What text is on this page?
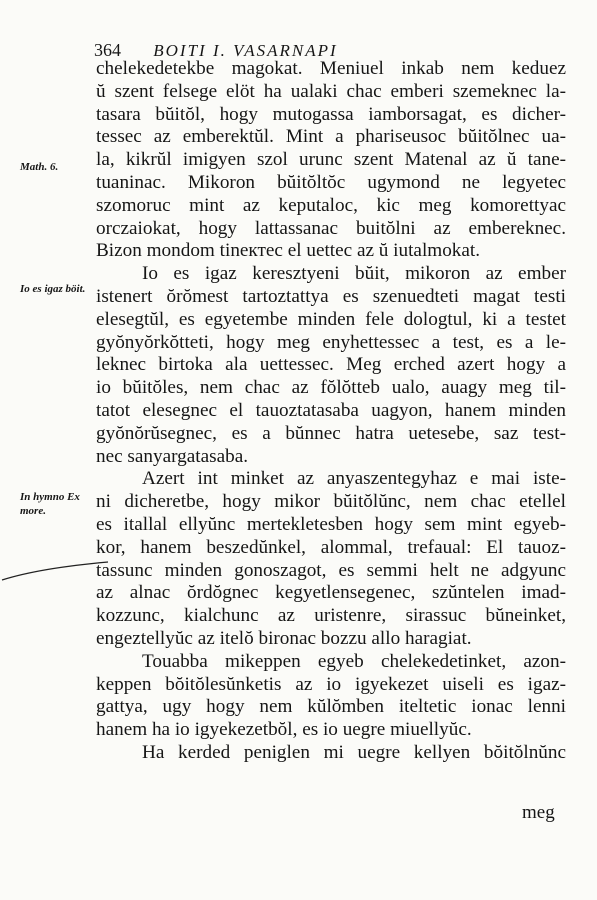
364 BOITI I. VASARNAPI
Math. 6.
Io es igaz böit.
In hymno Ex more.
chelekedetekbe magokat. Meniuel inkab nem keduez
ŭ szent felsege elöt ha ualaki chac emberi szemeknec la-
tasara bŭitŏl, hogy mutogassa iamborsagat, es dicher-
tessec az emberektŭl. Mint a phariseusoc bŭitŏlnec ua-
la, kikrŭl imigyen szol urunc szent Matenal az ŭ tane-
tuaninac. Mikoron bŭitŏltŏc ugymond ne legyetec
szomoruc mint az keputaloc, kic meg komorettyac
orczaiokat, hogy lattassanac buitŏlni az embereknec.
Bizon mondom tineктec el uettec az ŭ iutalmokat.
Io es igaz keresztyeni bŭit, mikoron az ember
istenert ŏrŏmest tartoztattya es szenuedteti magat testi
elesegtŭl, es egyetembe minden fele dologtul, ki a testet
gyŏnyŏrkŏtteti, hogy meg enyhettessec a test, es a le-
leknec birtoka ala uettessec. Meg erched azert hogy a
io bŭitŏles, nem chac az fŏlŏtteb ualo, auagy meg til-
tatot elesegnec el tauoztatasaba uagyon, hanem minden
gyŏnŏrŭsegnec, es a bŭnnec hatra uetesebe, saz test-
nec sanyargatasaba.
Azert int minket az anyaszentegyhaz e mai iste-
ni dicheretbe, hogy mikor bŭitŏlŭnc, nem chac etellel
es itallal ellyŭnc mertekletesben hogy sem mint egyeb-
kor, hanem beszedŭnkel, alommal, trefaual: El tauoz-
tassunc minden gonoszagot, es semmi helt ne adgyunc
az alnac ŏrdŏgnec kegyetlensegenec, szŭntelen imad-
kozzunc, kialchunc az uristenre, sirassuc bŭneinket,
engeztellyŭc az itelŏ bironac bozzu allo haragiat.
Touabba mikeppen egyeb chelekedetinket, azon-
keppen bŏitŏlesŭnketis az io igyekezet uiseli es igaz-
gattya, ugy hogy nem kŭlŏmben iteltetic ionac lenni
hanem ha io igyekezetbŏl, es io uegre miuellyŭc.
Ha kerded peniglen mi uegre kellyen bŏitŏlnŭnc
meg
